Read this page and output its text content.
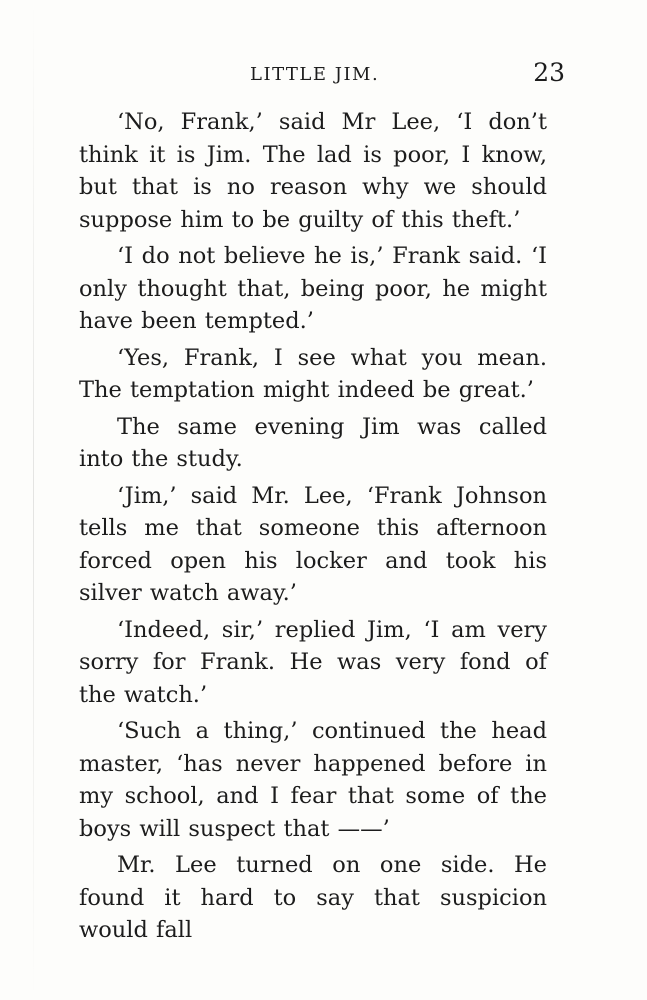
LITTLE JIM.	23

‘No, Frank,’ said Mr Lee, ‘I don’t think it is Jim. The lad is poor, I know, but that is no reason why we should suppose him to be guilty of this theft.’

‘I do not believe he is,’ Frank said. ‘I only thought that, being poor, he might have been tempted.’

‘Yes, Frank, I see what you mean. The temptation might indeed be great.’

The same evening Jim was called into the study.

‘Jim,’ said Mr. Lee, ‘Frank Johnson tells me that someone this afternoon forced open his locker and took his silver watch away.’

‘Indeed, sir,’ replied Jim, ‘I am very sorry for Frank. He was very fond of the watch.’

‘Such a thing,’ continued the head master, ‘has never happened before in my school, and I fear that some of the boys will suspect that ——’

Mr. Lee turned on one side. He found it hard to say that suspicion would fall
